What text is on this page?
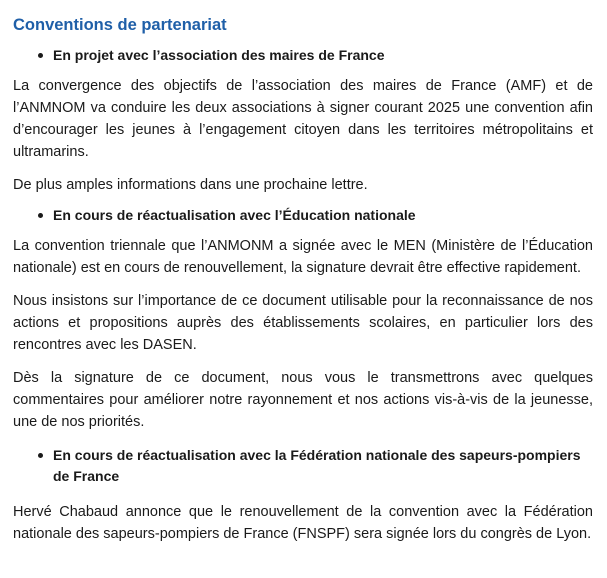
Conventions de partenariat
En projet avec l’association des maires de France

La convergence des objectifs de l’association des maires de France (AMF) et de l’ANMNOM va conduire les deux associations à signer courant 2025 une convention afin d’encourager les jeunes à l’engagement citoyen dans les territoires métropolitains et ultramarins.

De plus amples informations dans une prochaine lettre.

En cours de réactualisation avec l’Éducation nationale

La convention triennale que l’ANMONM a signée avec le MEN (Ministère de l’Éducation nationale) est en cours de renouvellement, la signature devrait être effective rapidement.

Nous insistons sur l’importance de ce document utilisable pour la reconnaissance de nos actions et propositions auprès des établissements scolaires, en particulier lors des rencontres avec les DASEN.

Dès la signature de ce document, nous vous le transmettrons avec quelques commentaires pour améliorer notre rayonnement et nos actions vis-à-vis de la jeunesse, une de nos priorités.

En cours de réactualisation avec la Fédération nationale des sapeurs-pompiers de France

Hervé Chabaud annonce que le renouvellement de la convention avec la Fédération nationale des sapeurs-pompiers de France (FNSPF) sera signée lors du congrès de Lyon.
